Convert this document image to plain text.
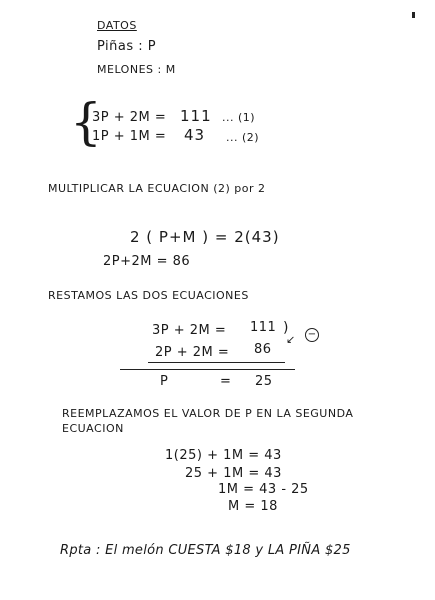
DATOS
Piñas : P
MELONES : M
{
3P + 2M = 111 ... (1)
1P + 1M = 43 ... (2)
MULTIPLICAR LA ECUACION (2) por 2
2 ( P+M ) = 2(43)
2P+2M = 86
RESTAMOS LAS DOS ECUACIONES
3P + 2M = 111 )
↙ −
2P + 2M = 86
P	= 25
REEMPLAZAMOS EL VALOR DE P EN LA SEGUNDA
ECUACION
1(25) + 1M = 43
25 + 1M = 43
1M = 43 - 25
M = 18
Rpta : El melón CUESTA $18 y LA PIÑA $25
